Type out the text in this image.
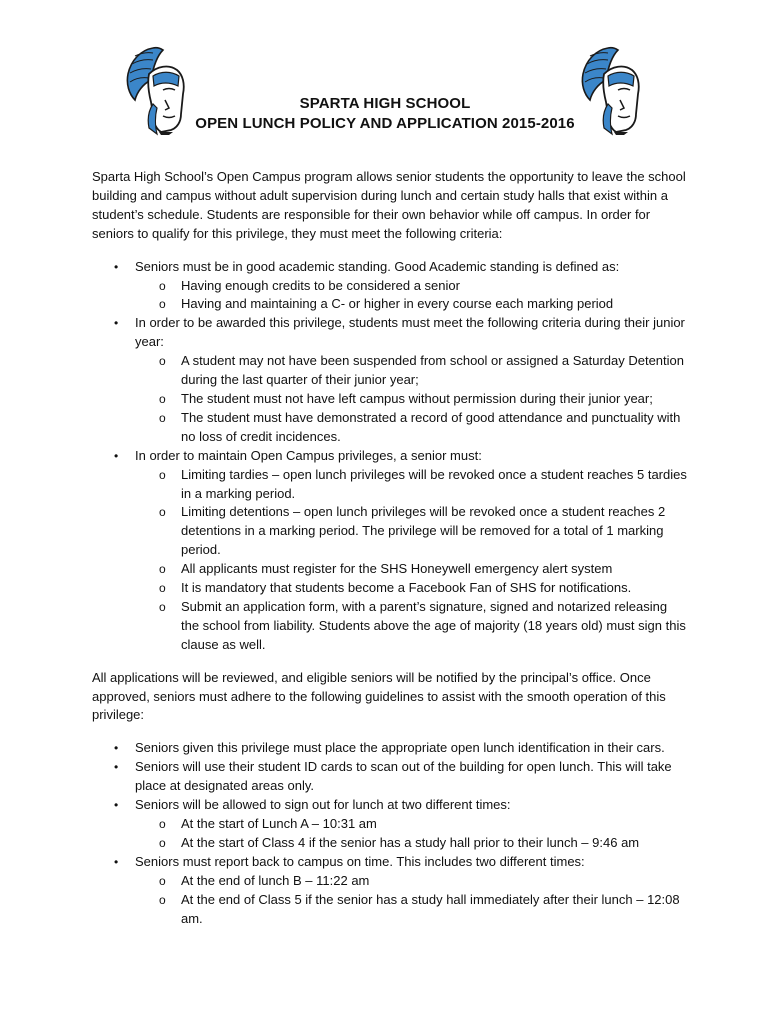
SPARTA HIGH SCHOOL
OPEN LUNCH POLICY AND APPLICATION 2015-2016

Sparta High School’s Open Campus program allows senior students the opportunity to leave the school building and campus without adult supervision during lunch and certain study halls that exist within a student’s schedule. Students are responsible for their own behavior while off campus. In order for seniors to qualify for this privilege, they must meet the following criteria:

• Seniors must be in good academic standing. Good Academic standing is defined as:
o Having enough credits to be considered a senior
o Having and maintaining a C- or higher in every course each marking period
• In order to be awarded this privilege, students must meet the following criteria during their junior year:
o A student may not have been suspended from school or assigned a Saturday Detention during the last quarter of their junior year;
o The student must not have left campus without permission during their junior year;
o The student must have demonstrated a record of good attendance and punctuality with no loss of credit incidences.
• In order to maintain Open Campus privileges, a senior must:
o Limiting tardies – open lunch privileges will be revoked once a student reaches 5 tardies in a marking period.
o Limiting detentions – open lunch privileges will be revoked once a student reaches 2 detentions in a marking period. The privilege will be removed for a total of 1 marking period.
o All applicants must register for the SHS Honeywell emergency alert system
o It is mandatory that students become a Facebook Fan of SHS for notifications.
o Submit an application form, with a parent’s signature, signed and notarized releasing the school from liability. Students above the age of majority (18 years old) must sign this clause as well.

All applications will be reviewed, and eligible seniors will be notified by the principal’s office. Once approved, seniors must adhere to the following guidelines to assist with the smooth operation of this privilege:

• Seniors given this privilege must place the appropriate open lunch identification in their cars.
• Seniors will use their student ID cards to scan out of the building for open lunch. This will take place at designated areas only.
• Seniors will be allowed to sign out for lunch at two different times:
o At the start of Lunch A – 10:31 am
o At the start of Class 4 if the senior has a study hall prior to their lunch – 9:46 am
• Seniors must report back to campus on time. This includes two different times:
o At the end of lunch B – 11:22 am
o At the end of Class 5 if the senior has a study hall immediately after their lunch – 12:08 am.
